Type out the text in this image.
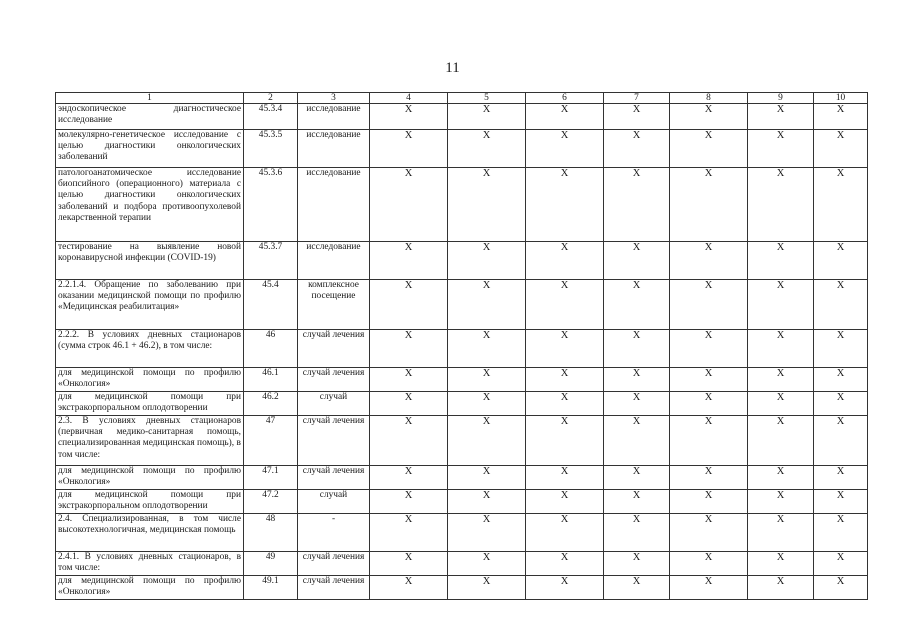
11
1	2	3	4	5	6	7	8	9	10
эндоскопическое диагностическое исследование	45.3.4	исследование	X	X	X	X	X	X	X
молекулярно-генетическое исследование с целью диагностики онкологических заболеваний	45.3.5	исследование	X	X	X	X	X	X	X
патологоанатомическое исследование биопсийного (операционного) материала с целью диагностики онкологических заболеваний и подбора противоопухолевой лекарственной терапии	45.3.6	исследование	X	X	X	X	X	X	X
тестирование на выявление новой коронавирусной инфекции (COVID-19)	45.3.7	исследование	X	X	X	X	X	X	X
2.2.1.4. Обращение по заболеванию при оказании медицинской помощи по профилю «Медицинская реабилитация»	45.4	комплексное посещение	X	X	X	X	X	X	X
2.2.2. В условиях дневных стационаров (сумма строк 46.1 + 46.2), в том числе:	46	случай лечения	X	X	X	X	X	X	X
для медицинской помощи по профилю «Онкология»	46.1	случай лечения	X	X	X	X	X	X	X
для медицинской помощи при экстракорпоральном оплодотворении	46.2	случай	X	X	X	X	X	X	X
2.3. В условиях дневных стационаров (первичная медико-санитарная помощь, специализированная медицинская помощь), в том числе:	47	случай лечения	X	X	X	X	X	X	X
для медицинской помощи по профилю «Онкология»	47.1	случай лечения	X	X	X	X	X	X	X
для медицинской помощи при экстракорпоральном оплодотворении	47.2	случай	X	X	X	X	X	X	X
2.4. Специализированная, в том числе высокотехнологичная, медицинская помощь	48	-	X	X	X	X	X	X	X
2.4.1. В условиях дневных стационаров, в том числе:	49	случай лечения	X	X	X	X	X	X	X
для медицинской помощи по профилю «Онкология»	49.1	случай лечения	X	X	X	X	X	X	X
